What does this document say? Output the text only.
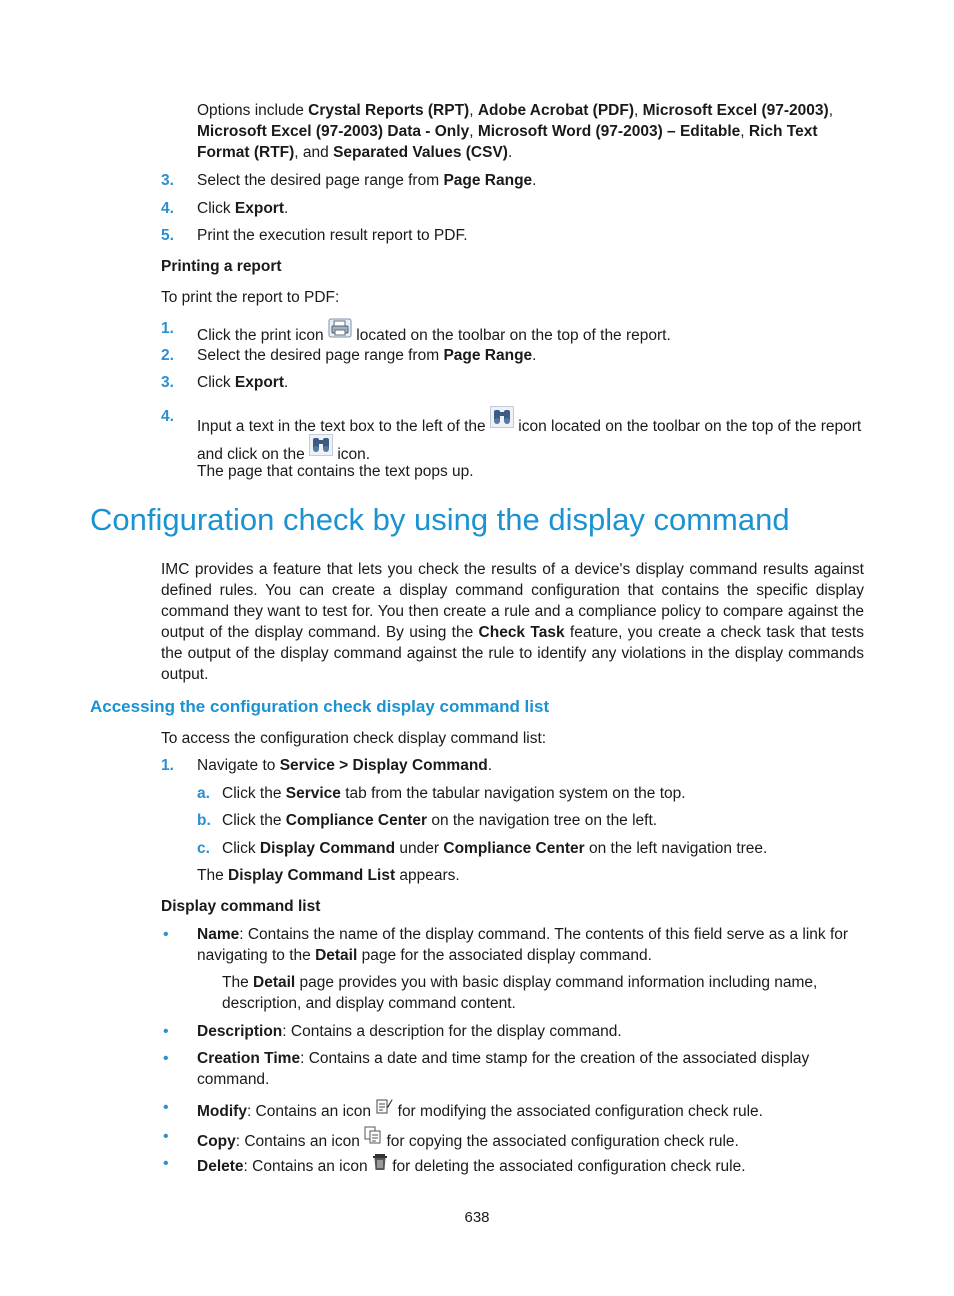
Options include Crystal Reports (RPT), Adobe Acrobat (PDF), Microsoft Excel (97-2003), Microsoft Excel (97-2003) Data - Only, Microsoft Word (97-2003) – Editable, Rich Text Format (RTF), and Separated Values (CSV).
3. Select the desired page range from Page Range.
4. Click Export.
5. Print the execution result report to PDF.
Printing a report
To print the report to PDF:
1. Click the print icon  located on the toolbar on the top of the report.
2. Select the desired page range from Page Range.
3. Click Export.
4.
Input a text in the text box to the left of the  icon located on the toolbar on the top of the report
and click on the  icon.
The page that contains the text pops up.
Configuration check by using the display command
IMC provides a feature that lets you check the results of a device's display command results against defined rules. You can create a display command configuration that contains the specific display command they want to test for. You then create a rule and a compliance policy to compare against the output of the display command. By using the Check Task feature, you create a check task that tests the output of the display command against the rule to identify any violations in the display commands output.
Accessing the configuration check display command list
To access the configuration check display command list:
1. Navigate to Service > Display Command.
a. Click the Service tab from the tabular navigation system on the top.
b. Click the Compliance Center on the navigation tree on the left.
c. Click Display Command under Compliance Center on the left navigation tree.
The Display Command List appears.
Display command list
• Name: Contains the name of the display command. The contents of this field serve as a link for navigating to the Detail page for the associated display command.
The Detail page provides you with basic display command information including name, description, and display command content.
• Description: Contains a description for the display command.
• Creation Time: Contains a date and time stamp for the creation of the associated display command.
• Modify: Contains an icon  for modifying the associated configuration check rule.
• Copy: Contains an icon  for copying the associated configuration check rule.
• Delete: Contains an icon  for deleting the associated configuration check rule.
638
